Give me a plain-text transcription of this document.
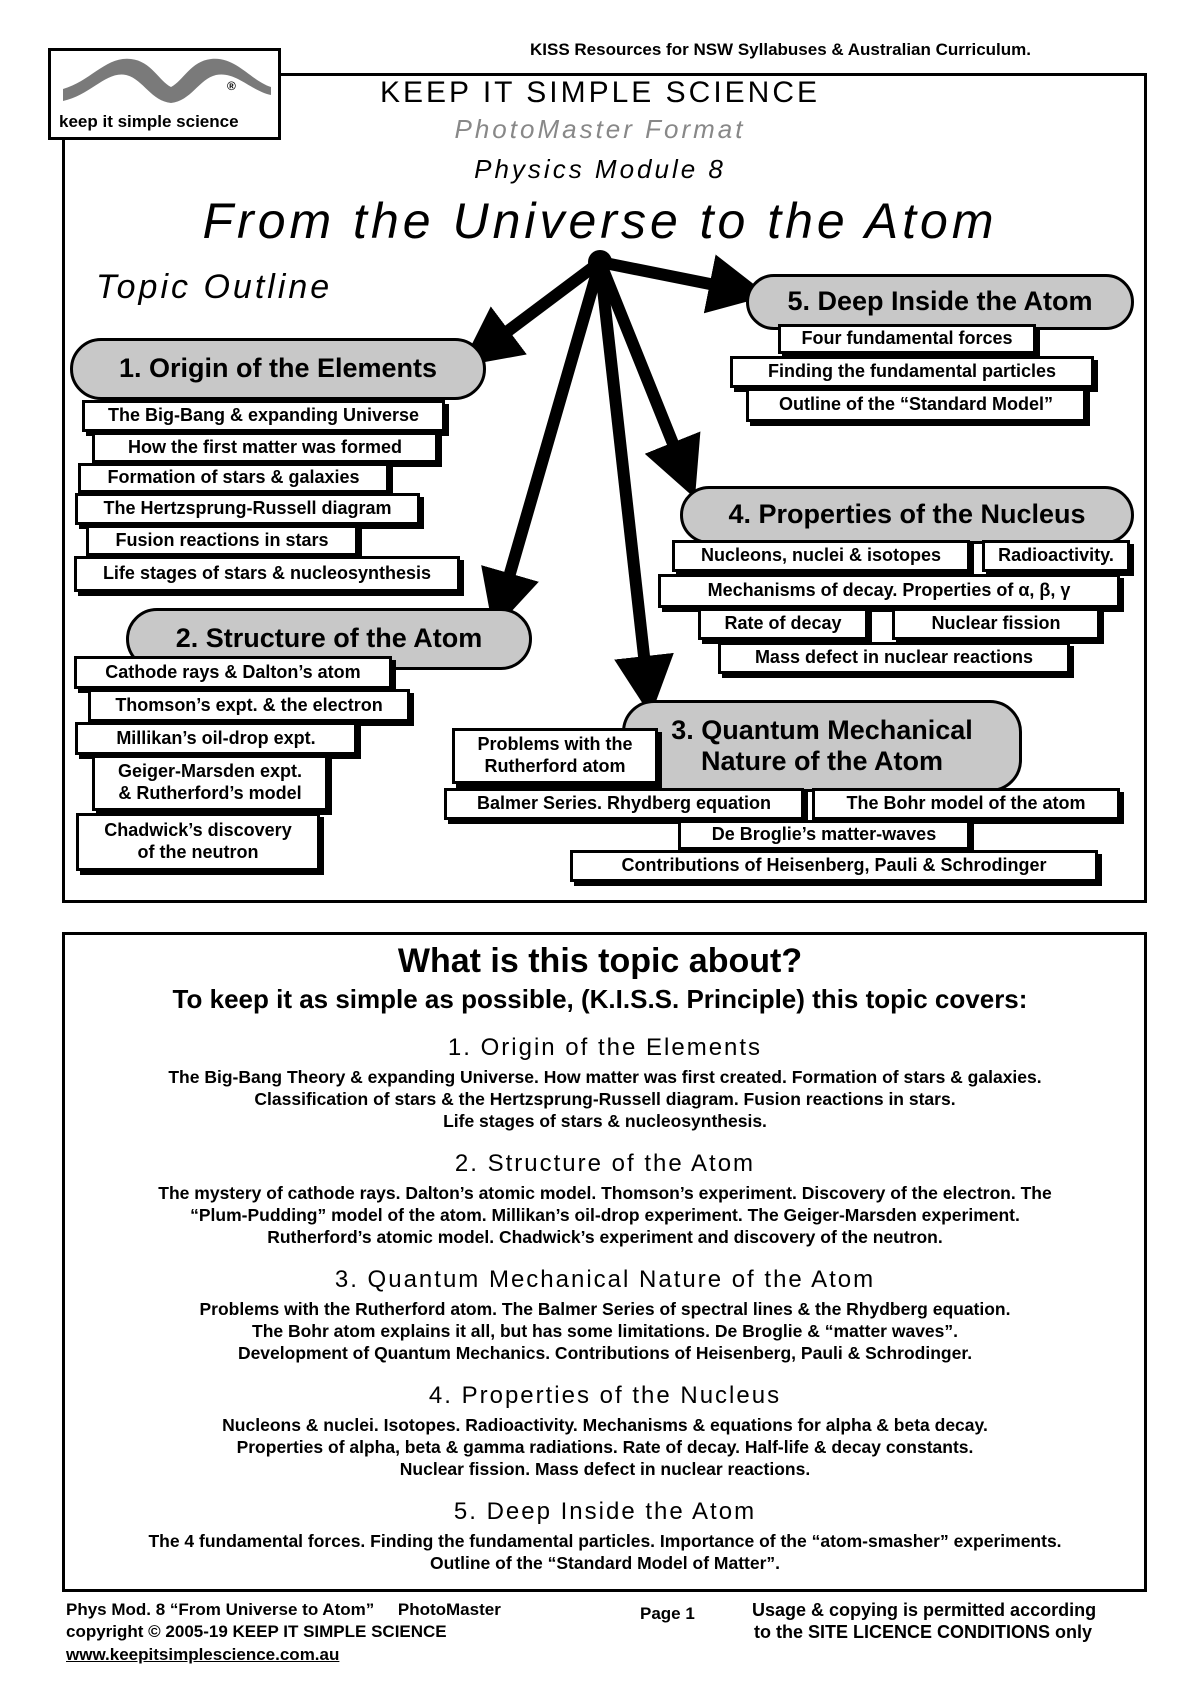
KISS Resources for NSW Syllabuses & Australian Curriculum.
®
keep it simple science
KEEP IT SIMPLE SCIENCE
PhotoMaster Format
Physics Module 8
From the Universe to the Atom
Topic Outline
1. Origin of the Elements
The Big-Bang & expanding Universe
How the first matter was formed
Formation of stars & galaxies
The Hertzsprung-Russell diagram
Fusion reactions in stars
Life stages of stars & nucleosynthesis
2. Structure of the Atom
Cathode rays & Dalton’s atom
Thomson’s expt. & the electron
Millikan’s oil-drop expt.
Geiger-Marsden expt.
& Rutherford’s model
Chadwick’s discovery
of the neutron
3. Quantum Mechanical
Nature of the Atom
Problems with the
Rutherford atom
Balmer Series. Rhydberg equation	The Bohr model of the atom
De Broglie’s matter-waves
Contributions of Heisenberg, Pauli & Schrodinger
4. Properties of the Nucleus
Nucleons, nuclei & isotopes	Radioactivity.
Mechanisms of decay. Properties of α, β, γ
Rate of decay	Nuclear fission
Mass defect in nuclear reactions
5. Deep Inside the Atom
Four fundamental forces
Finding the fundamental particles
Outline of the “Standard Model”
What is this topic about?
To keep it as simple as possible, (K.I.S.S. Principle) this topic covers:
1. Origin of the Elements
The Big-Bang Theory & expanding Universe. How matter was first created. Formation of stars & galaxies.
Classification of stars & the Hertzsprung-Russell diagram. Fusion reactions in stars.
Life stages of stars & nucleosynthesis.
2. Structure of the Atom
The mystery of cathode rays. Dalton’s atomic model. Thomson’s experiment. Discovery of the electron. The
“Plum-Pudding” model of the atom. Millikan’s oil-drop experiment. The Geiger-Marsden experiment.
Rutherford’s atomic model. Chadwick’s experiment and discovery of the neutron.
3. Quantum Mechanical Nature of the Atom
Problems with the Rutherford atom. The Balmer Series of spectral lines & the Rhydberg equation.
The Bohr atom explains it all, but has some limitations. De Broglie & “matter waves”.
Development of Quantum Mechanics. Contributions of Heisenberg, Pauli & Schrodinger.
4. Properties of the Nucleus
Nucleons & nuclei. Isotopes. Radioactivity. Mechanisms & equations for alpha & beta decay.
Properties of alpha, beta & gamma radiations. Rate of decay. Half-life & decay constants.
Nuclear fission. Mass defect in nuclear reactions.
5. Deep Inside the Atom
The 4 fundamental forces. Finding the fundamental particles. Importance of the “atom-smasher” experiments.
Outline of the “Standard Model of Matter”.
Phys Mod. 8 “From Universe to Atom”     PhotoMaster
copyright © 2005-19 KEEP IT SIMPLE SCIENCE
www.keepitsimplescience.com.au
Page 1	Usage & copying is permitted according
to the SITE LICENCE CONDITIONS only
